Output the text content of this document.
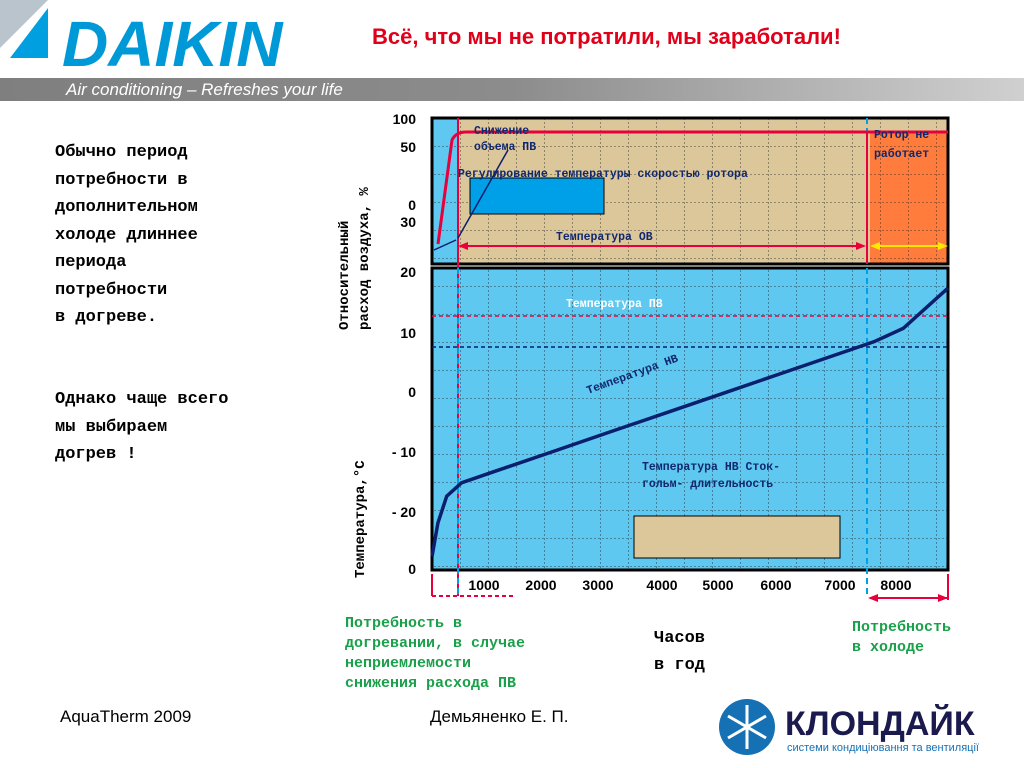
DAIKIN	Всё, что мы не потратили, мы заработали!
Air conditioning – Refreshes your life
Обычно период
потребности в
дополнительном
холоде длиннее
периода
потребности
в догреве.
Однако чаще всего
мы выбираем
догрев !
100
50
0
30
20
10
0
- 10
- 20
0
1000 2000 3000 4000 5000 6000 7000 8000
Относительный расход воздуха, %
Температура,°С
Снижение
объема ПВ
Ротор не
работает
Регулирование температуры скоростью ротора
Температура ОВ
Температура ПВ
Температура НВ
Температура НВ Сток-
гольм- длительность
Потребность в
догревании, в случае
неприемлемости
снижения расхода ПВ
Часов
в год
Потребность
в холоде
AquaTherm 2009	Демьяненко Е. П.	КЛОНДАЙК
системи кондиціювання та вентиляції
